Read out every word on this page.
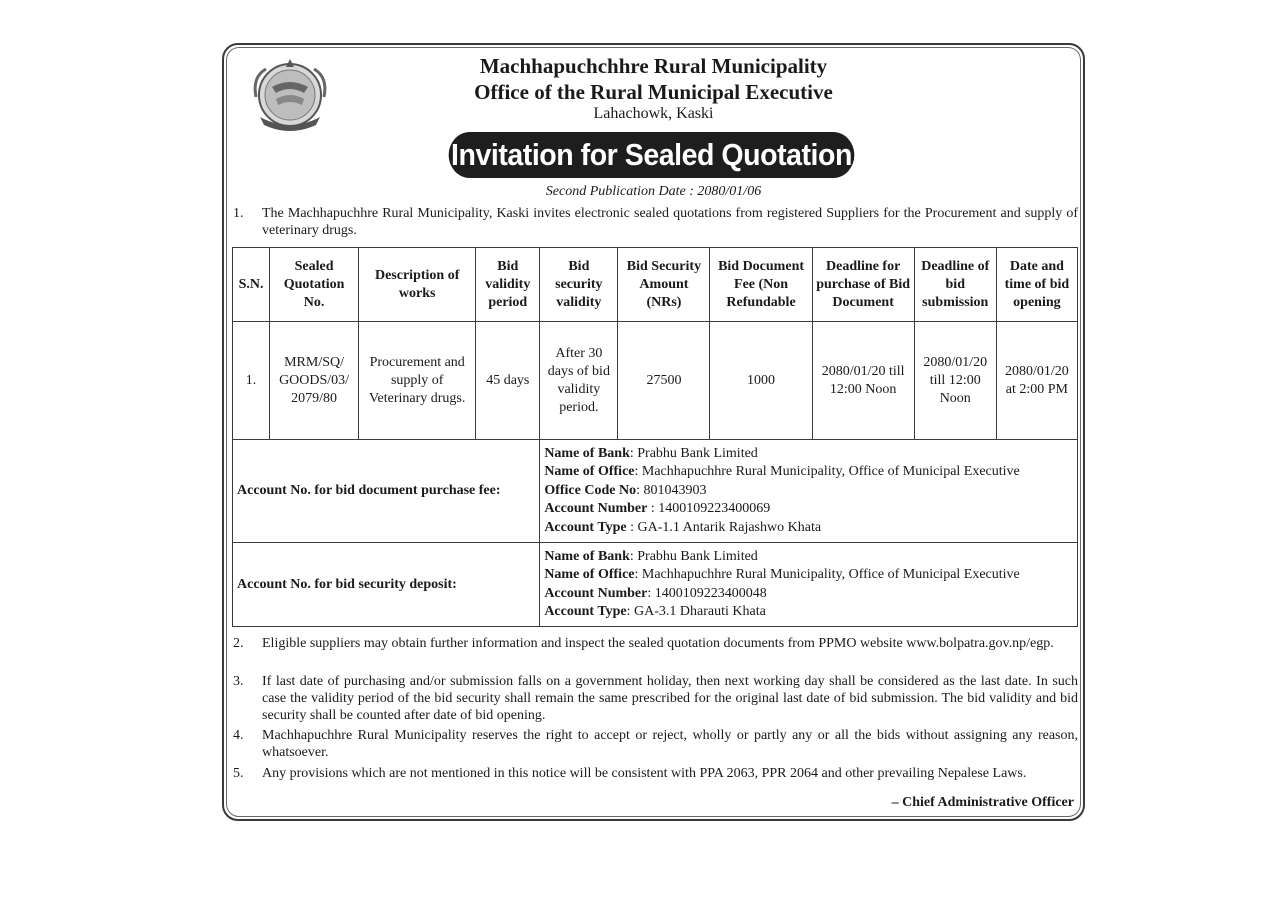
Machhapuchchhre Rural Municipality
Office of the Rural Municipal Executive
Lahachowk, Kaski
Invitation for Sealed Quotation
Second Publication Date : 2080/01/06
1. The Machhapuchhre Rural Municipality, Kaski invites electronic sealed quotations from registered Suppliers for the Procurement and supply of veterinary drugs.
S.N.	Sealed Quotation No.	Description of works	Bid validity period	Bid security validity	Bid Security Amount (NRs)	Bid Document Fee (Non Refundable	Deadline for purchase of Bid Document	Deadline of bid submission	Date and time of bid opening
1.	MRM/SQ/ GOODS/03/ 2079/80	Procurement and supply of Veterinary drugs.	45 days	After 30 days of bid validity period.	27500	1000	2080/01/20 till 12:00 Noon	2080/01/20 till 12:00 Noon	2080/01/20 at 2:00 PM
Account No. for bid document purchase fee:				Name of Bank: Prabhu Bank Limited
Name of Office: Machhapuchhre Rural Municipality, Office of Municipal Executive
Office Code No: 801043903
Account Number : 1400109223400069
Account Type : GA-1.1 Antarik Rajashwo Khata					

Account No. for bid security deposit:				Name of Bank: Prabhu Bank Limited
Name of Office: Machhapuchhre Rural Municipality, Office of Municipal Executive
Account Number: 1400109223400048
Account Type: GA-3.1 Dharauti Khata					
2. Eligible suppliers may obtain further information and inspect the sealed quotation documents from PPMO website www.bolpatra.gov.np/egp.
3. If last date of purchasing and/or submission falls on a government holiday, then next working day shall be considered as the last date. In such case the validity period of the bid security shall remain the same prescribed for the original last date of bid submission. The bid validity and bid security shall be counted after date of bid opening.
4. Machhapuchhre Rural Municipality reserves the right to accept or reject, wholly or partly any or all the bids without assigning any reason, whatsoever.
5. Any provisions which are not mentioned in this notice will be consistent with PPA 2063, PPR 2064 and other prevailing Nepalese Laws.
– Chief Administrative Officer
